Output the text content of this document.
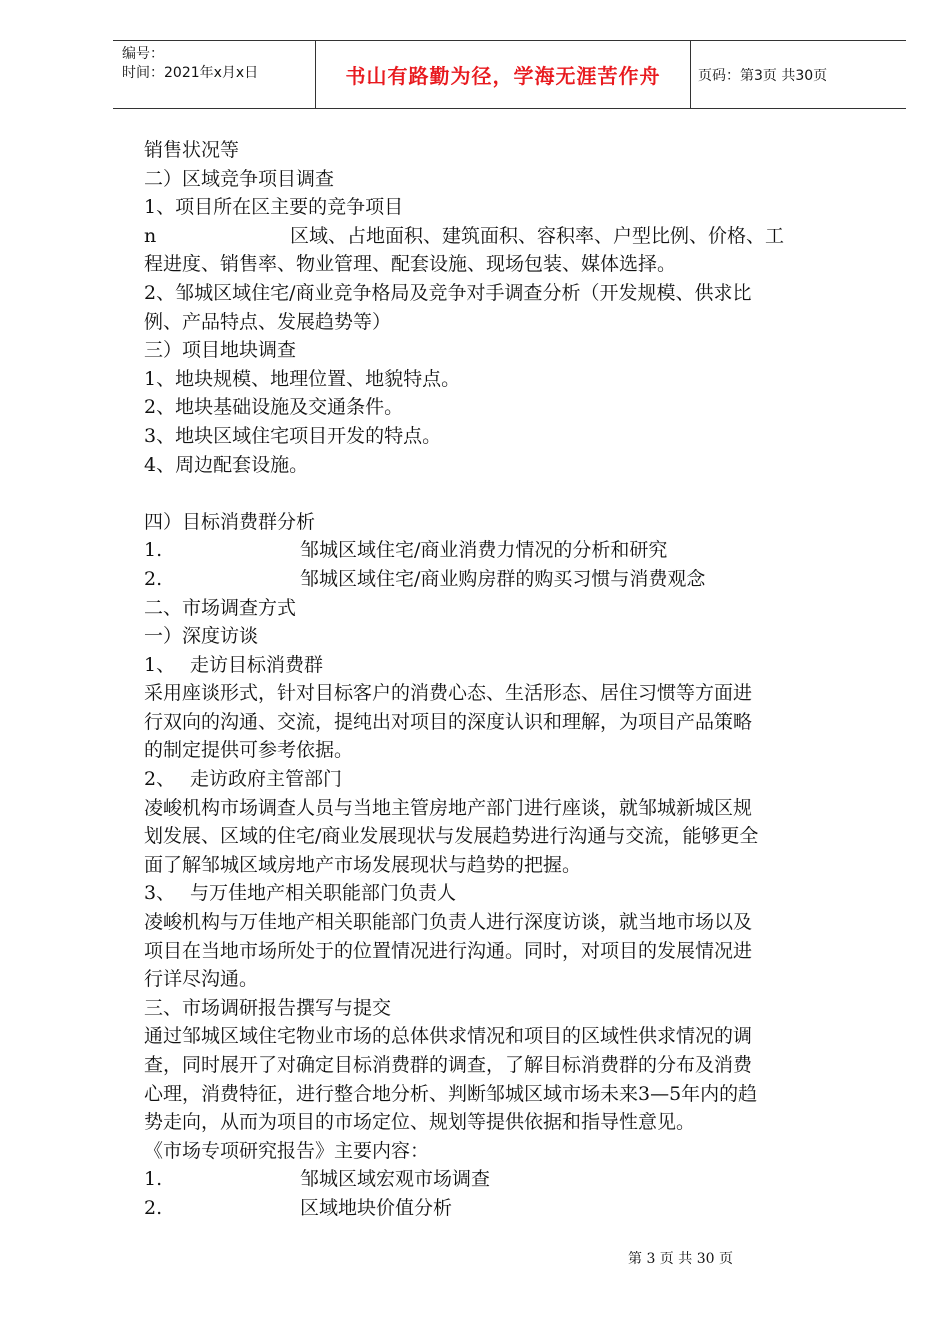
编号：
时间：2021年x月x日	书山有路勤为径，学海无涯苦作舟	页码：第3页 共30页

销售状况等

二）区域竞争项目调查

1、项目所在区主要的竞争项目

n	区域、占地面积、建筑面积、容积率、户型比例、价格、工

程进度、销售率、物业管理、配套设施、现场包装、媒体选择。

2、邹城区域住宅/商业竞争格局及竞争对手调查分析（开发规模、供求比

例、产品特点、发展趋势等）

三）项目地块调查

1、地块规模、地理位置、地貌特点。

2、地块基础设施及交通条件。

3、地块区域住宅项目开发的特点。

4、周边配套设施。

四）目标消费群分析

1.	邹城区域住宅/商业消费力情况的分析和研究

2.	邹城区域住宅/商业购房群的购买习惯与消费观念

二、市场调查方式

一）深度访谈

1、 走访目标消费群

采用座谈形式，针对目标客户的消费心态、生活形态、居住习惯等方面进

行双向的沟通、交流，提纯出对项目的深度认识和理解，为项目产品策略

的制定提供可参考依据。

2、 走访政府主管部门

凌峻机构市场调查人员与当地主管房地产部门进行座谈，就邹城新城区规

划发展、区域的住宅/商业发展现状与发展趋势进行沟通与交流，能够更全

面了解邹城区域房地产市场发展现状与趋势的把握。

3、 与万佳地产相关职能部门负责人

凌峻机构与万佳地产相关职能部门负责人进行深度访谈，就当地市场以及

项目在当地市场所处于的位置情况进行沟通。同时，对项目的发展情况进

行详尽沟通。

三、市场调研报告撰写与提交

通过邹城区域住宅物业市场的总体供求情况和项目的区域性供求情况的调

查，同时展开了对确定目标消费群的调查，了解目标消费群的分布及消费

心理，消费特征，进行整合地分析、判断邹城区域市场未来3—5年内的趋

势走向，从而为项目的市场定位、规划等提供依据和指导性意见。

《市场专项研究报告》主要内容：

1.	邹城区域宏观市场调查

2.	区域地块价值分析

第 3 页 共 30 页
